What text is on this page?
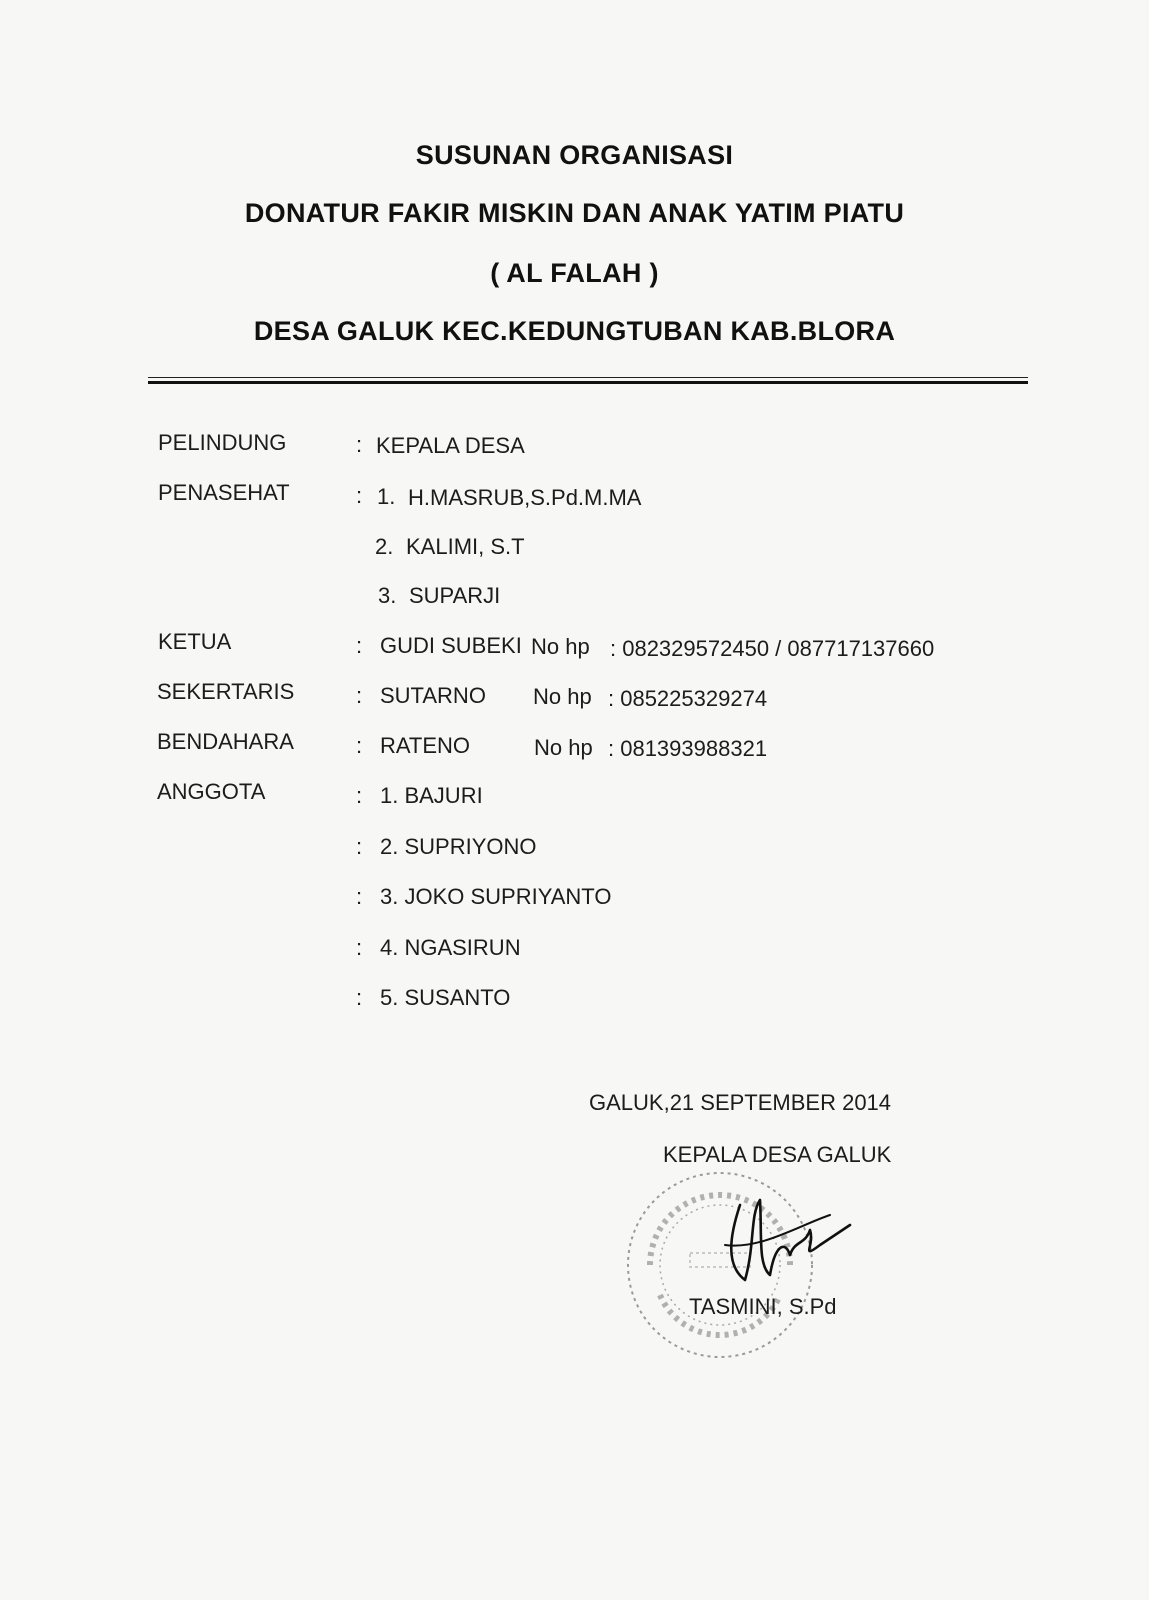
SUSUNAN ORGANISASI
DONATUR FAKIR MISKIN DAN ANAK YATIM PIATU
( AL FALAH )
DESA GALUK KEC.KEDUNGTUBAN KAB.BLORA
PELINDUNG	: KEPALA DESA
PENASEHAT	: 1. H.MASRUB,S.Pd.M.MA
2. KALIMI, S.T
3. SUPARJI
KETUA	: GUDI SUBEKI No hp : 082329572450 / 087717137660
SEKERTARIS	: SUTARNO No hp : 085225329274
BENDAHARA	: RATENO	No hp : 081393988321
ANGGOTA	: 1. BAJURI
: 2. SUPRIYONO
: 3. JOKO SUPRIYANTO
: 4. NGASIRUN
: 5. SUSANTO
GALUK,21 SEPTEMBER 2014
KEPALA DESA GALUK
TASMINI, S.Pd
